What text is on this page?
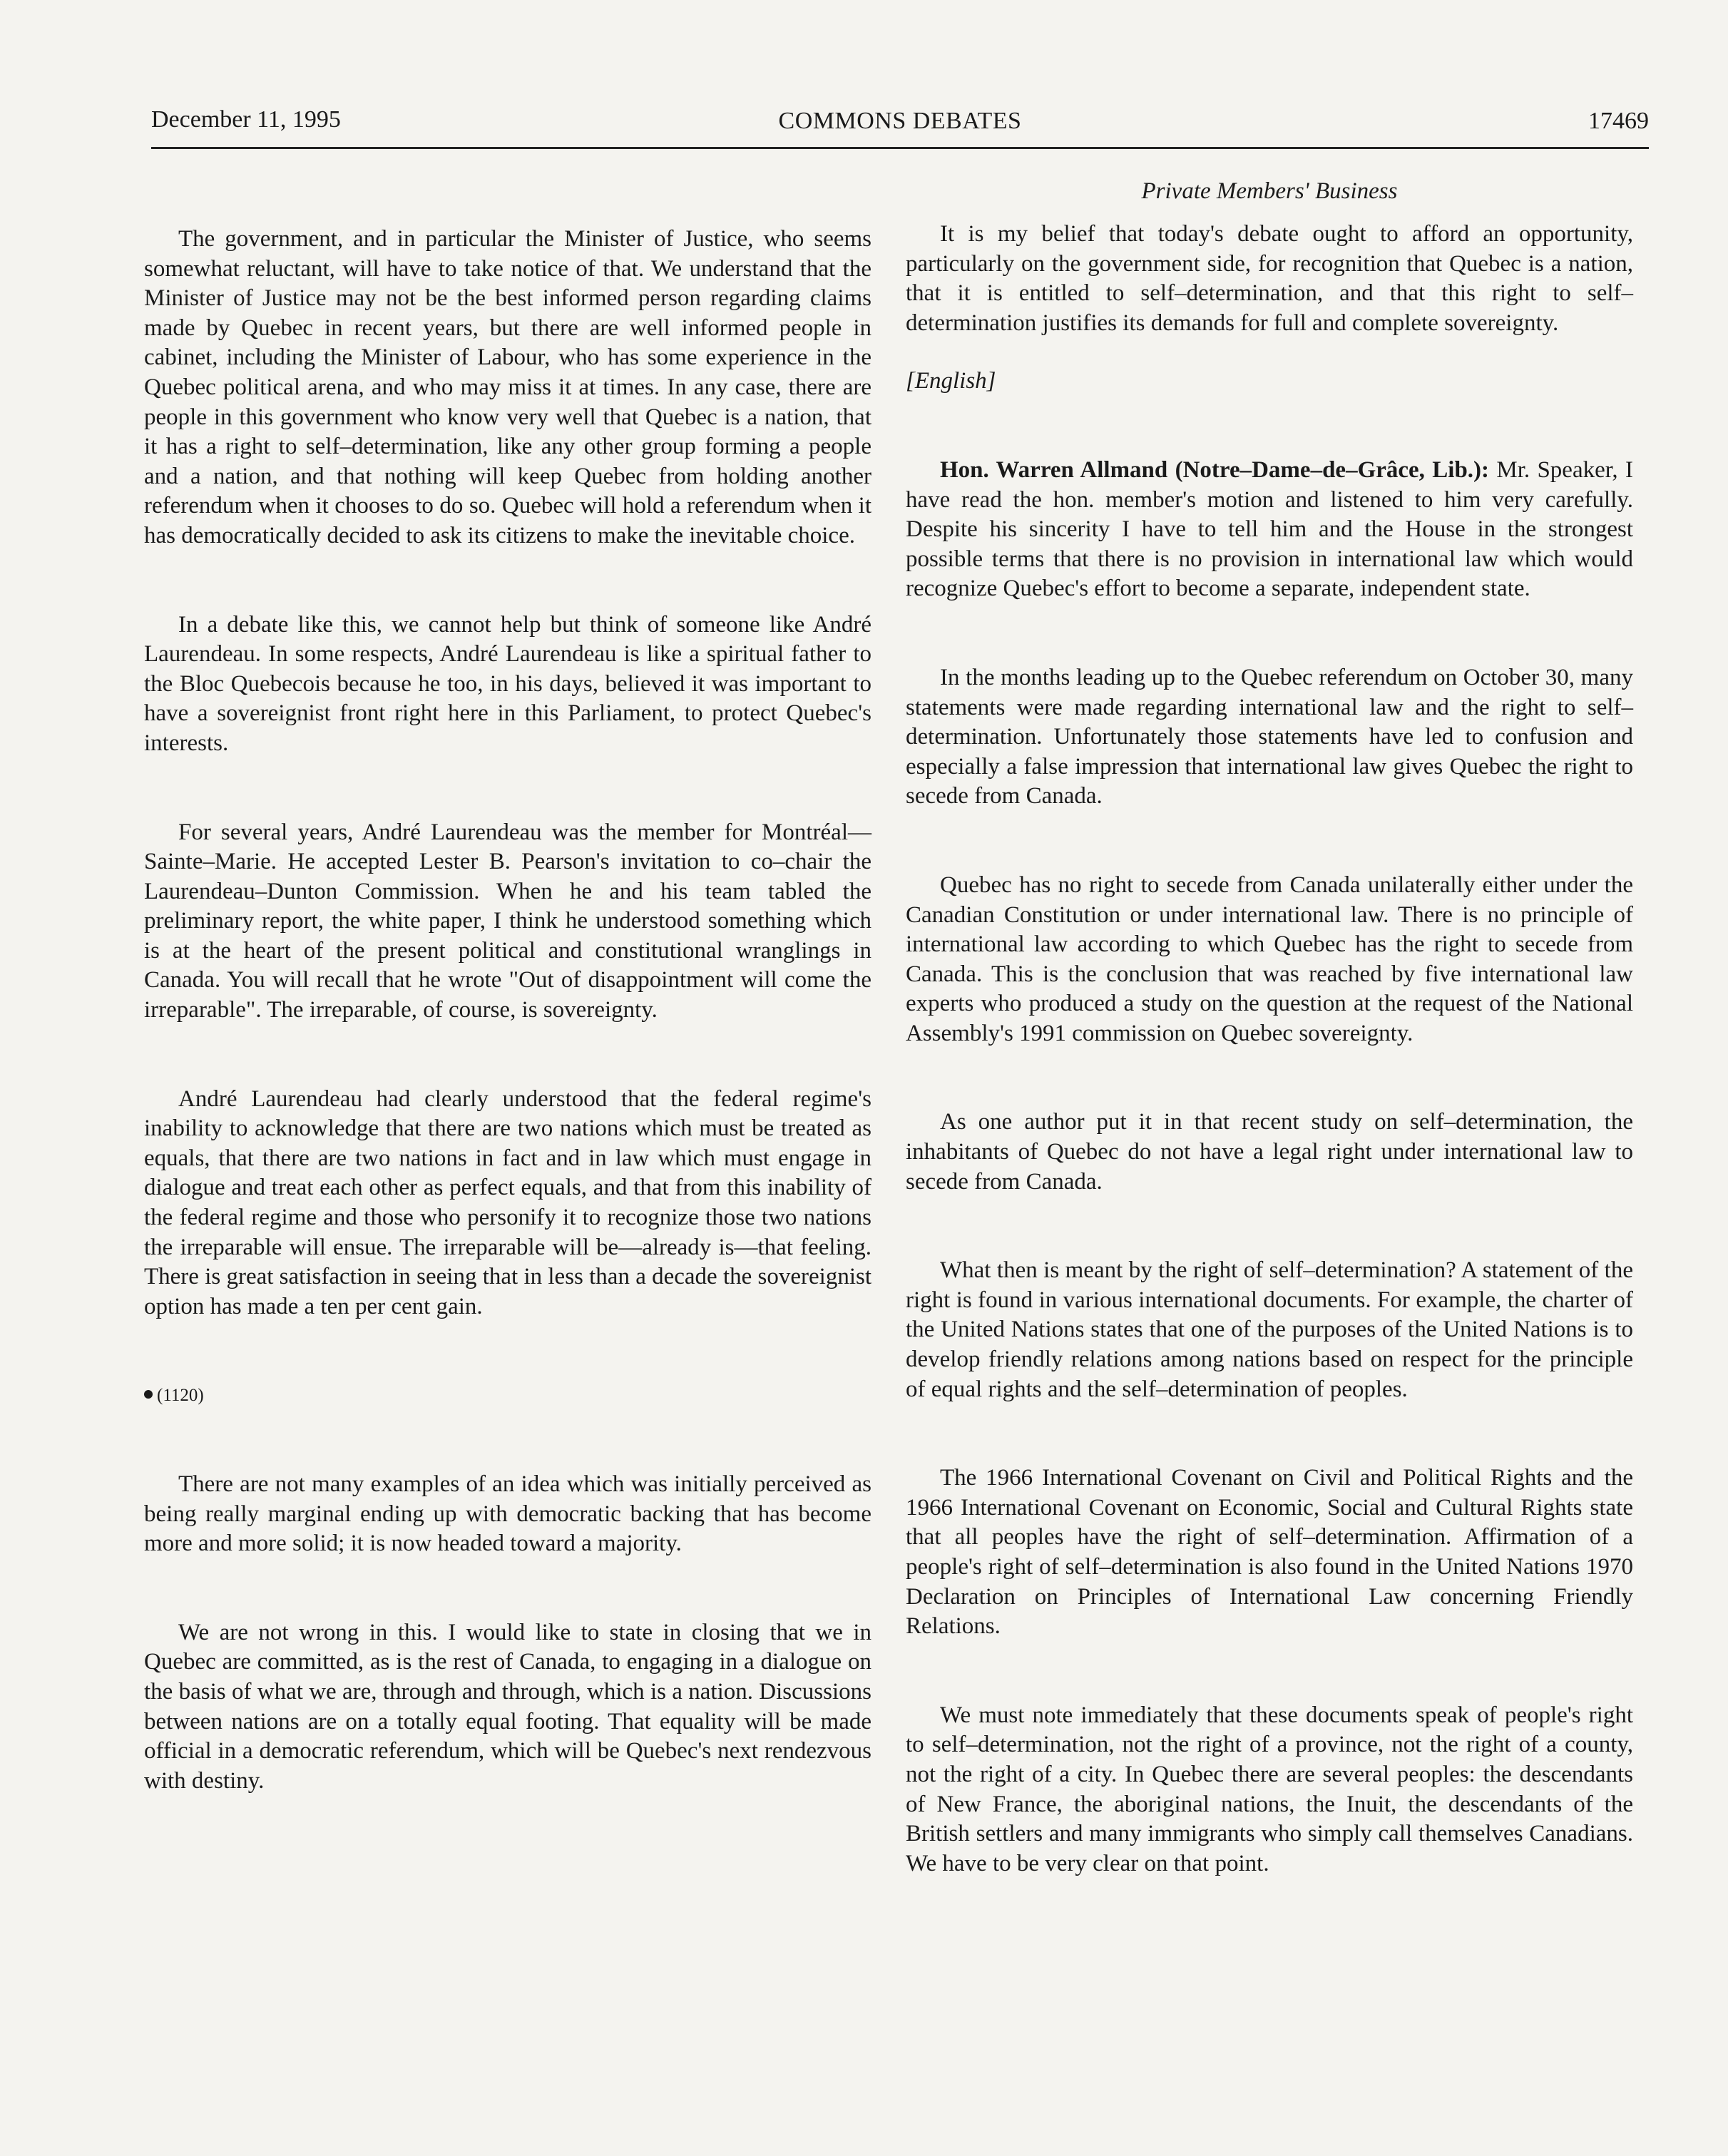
December 11, 1995	COMMONS DEBATES	17469

The government, and in particular the Minister of Justice, who seems somewhat reluctant, will have to take notice of that. We understand that the Minister of Justice may not be the best informed person regarding claims made by Quebec in recent years, but there are well informed people in cabinet, including the Minister of Labour, who has some experience in the Quebec political arena, and who may miss it at times. In any case, there are people in this government who know very well that Quebec is a nation, that it has a right to self–determination, like any other group forming a people and a nation, and that nothing will keep Quebec from holding another referendum when it chooses to do so. Quebec will hold a referendum when it has democratically decided to ask its citizens to make the inevitable choice.

In a debate like this, we cannot help but think of someone like André Laurendeau. In some respects, André Laurendeau is like a spiritual father to the Bloc Quebecois because he too, in his days, believed it was important to have a sovereignist front right here in this Parliament, to protect Quebec's interests.

For several years, André Laurendeau was the member for Montréal—Sainte–Marie. He accepted Lester B. Pearson's invitation to co–chair the Laurendeau–Dunton Commission. When he and his team tabled the preliminary report, the white paper, I think he understood something which is at the heart of the present political and constitutional wranglings in Canada. You will recall that he wrote "Out of disappointment will come the irreparable". The irreparable, of course, is sovereignty.

André Laurendeau had clearly understood that the federal regime's inability to acknowledge that there are two nations which must be treated as equals, that there are two nations in fact and in law which must engage in dialogue and treat each other as perfect equals, and that from this inability of the federal regime and those who personify it to recognize those two nations the irreparable will ensue. The irreparable will be—already is—that feeling. There is great satisfaction in seeing that in less than a decade the sovereignist option has made a ten per cent gain.

(1120)

There are not many examples of an idea which was initially perceived as being really marginal ending up with democratic backing that has become more and more solid; it is now headed toward a majority.

We are not wrong in this. I would like to state in closing that we in Quebec are committed, as is the rest of Canada, to engaging in a dialogue on the basis of what we are, through and through, which is a nation. Discussions between nations are on a totally equal footing. That equality will be made official in a democratic referendum, which will be Quebec's next rendezvous with destiny.

Private Members' Business

It is my belief that today's debate ought to afford an opportunity, particularly on the government side, for recognition that Quebec is a nation, that it is entitled to self–determination, and that this right to self–determination justifies its demands for full and complete sovereignty.

[English]

Hon. Warren Allmand (Notre–Dame–de–Grâce, Lib.): Mr. Speaker, I have read the hon. member's motion and listened to him very carefully. Despite his sincerity I have to tell him and the House in the strongest possible terms that there is no provision in international law which would recognize Quebec's effort to become a separate, independent state.

In the months leading up to the Quebec referendum on October 30, many statements were made regarding international law and the right to self–determination. Unfortunately those statements have led to confusion and especially a false impression that international law gives Quebec the right to secede from Canada.

Quebec has no right to secede from Canada unilaterally either under the Canadian Constitution or under international law. There is no principle of international law according to which Quebec has the right to secede from Canada. This is the conclusion that was reached by five international law experts who produced a study on the question at the request of the National Assembly's 1991 commission on Quebec sovereignty.

As one author put it in that recent study on self–determination, the inhabitants of Quebec do not have a legal right under international law to secede from Canada.

What then is meant by the right of self–determination? A statement of the right is found in various international documents. For example, the charter of the United Nations states that one of the purposes of the United Nations is to develop friendly relations among nations based on respect for the principle of equal rights and the self–determination of peoples.

The 1966 International Covenant on Civil and Political Rights and the 1966 International Covenant on Economic, Social and Cultural Rights state that all peoples have the right of self–determination. Affirmation of a people's right of self–determination is also found in the United Nations 1970 Declaration on Principles of International Law concerning Friendly Relations.

We must note immediately that these documents speak of people's right to self–determination, not the right of a province, not the right of a county, not the right of a city. In Quebec there are several peoples: the descendants of New France, the aboriginal nations, the Inuit, the descendants of the British settlers and many immigrants who simply call themselves Canadians. We have to be very clear on that point.
